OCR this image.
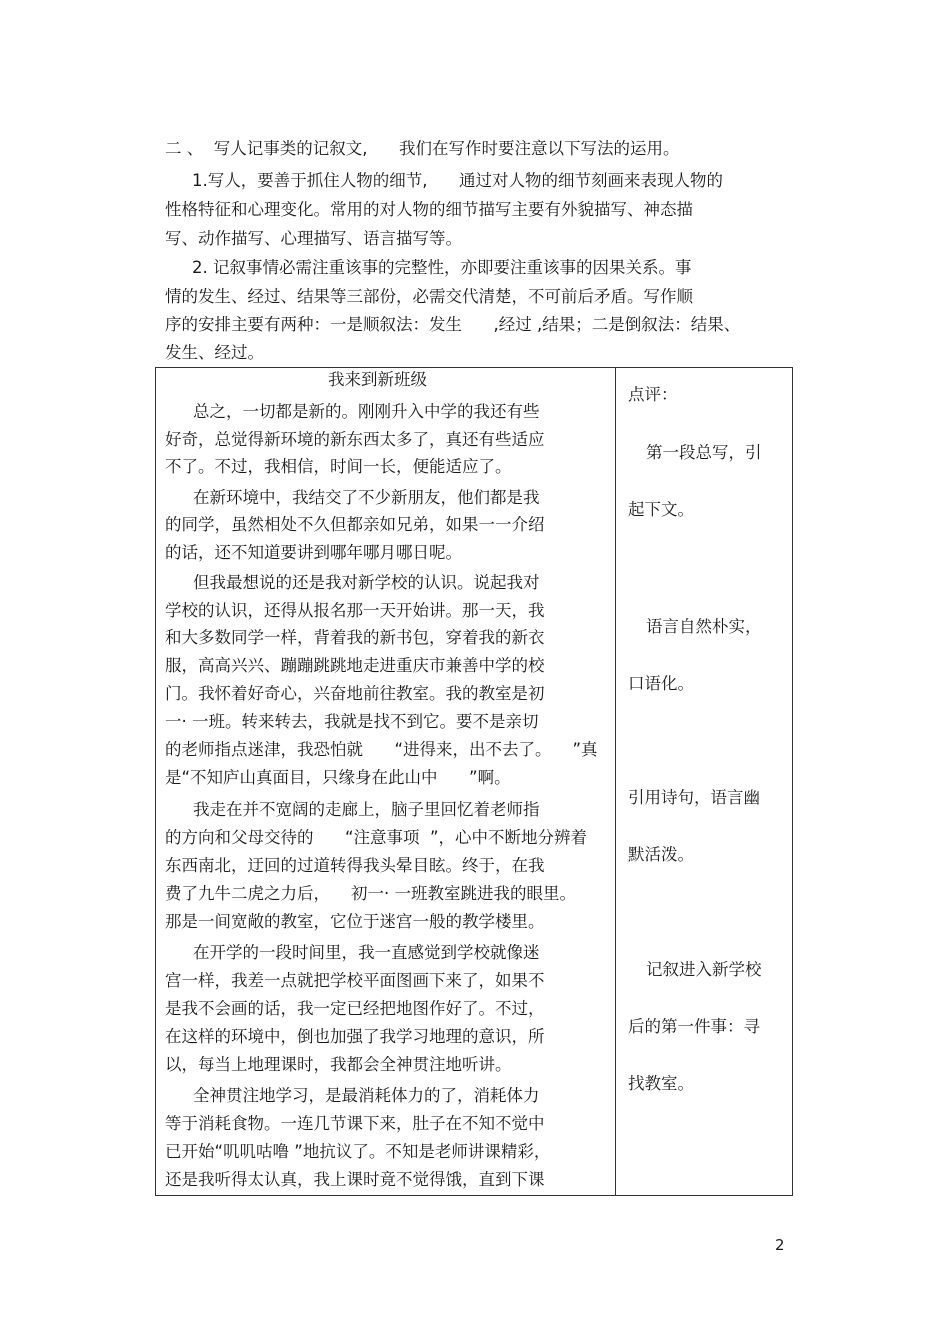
二 、  写人记事类的记叙文,      我们在写作时要注意以下写法的运用。
1.写人，要善于抓住人物的细节,      通过对人物的细节刻画来表现人物的
性格特征和心理变化。常用的对人物的细节描写主要有外貌描写、神态描
写、动作描写、心理描写、语言描写等。
2. 记叙事情必需注重该事的完整性，亦即要注重该事的因果关系。事
情的发生、经过、结果等三部份，必需交代清楚，不可前后矛盾。写作顺
序的安排主要有两种：一是顺叙法：发生      ,经过 ,结果；二是倒叙法：结果、
发生、经过。
我来到新班级
总之，一切都是新的。刚刚升入中学的我还有些
好奇，总觉得新环境的新东西太多了，真还有些适应
不了。不过，我相信，时间一长，便能适应了。
在新环境中，我结交了不少新朋友，他们都是我
的同学，虽然相处不久但都亲如兄弟，如果一一介绍
的话，还不知道要讲到哪年哪月哪日呢。
但我最想说的还是我对新学校的认识。说起我对
学校的认识，还得从报名那一天开始讲。那一天，我
和大多数同学一样，背着我的新书包，穿着我的新衣
服，高高兴兴、蹦蹦跳跳地走进重庆市兼善中学的校
门。我怀着好奇心，兴奋地前往教室。我的教室是初
一· 一班。转来转去，我就是找不到它。要不是亲切
的老师指点迷津，我恐怕就      “进得来，出不去了。    ”真
是“不知庐山真面目，只缘身在此山中      ”啊。
我走在并不宽阔的走廊上，脑子里回忆着老师指
的方向和父母交待的      “注意事项  ”，心中不断地分辨着
东西南北，迂回的过道转得我头晕目眩。终于，在我
费了九牛二虎之力后，    初一· 一班教室跳进我的眼里。
那是一间宽敞的教室，它位于迷宫一般的教学楼里。
在开学的一段时间里，我一直感觉到学校就像迷
宫一样，我差一点就把学校平面图画下来了，如果不
是我不会画的话，我一定已经把地图作好了。不过，
在这样的环境中，倒也加强了我学习地理的意识，所
以，每当上地理课时，我都会全神贯注地听讲。
全神贯注地学习，是最消耗体力的了，消耗体力
等于消耗食物。一连几节课下来，肚子在不知不觉中
已开始“叽叽咕噜 ”地抗议了。不知是老师讲课精彩，
还是我听得太认真，我上课时竟不觉得饿，直到下课
点评：
第一段总写，引
起下文。
语言自然朴实，
口语化。
引用诗句，语言幽
默活泼。
记叙进入新学校
后的第一件事：寻
找教室。
2
